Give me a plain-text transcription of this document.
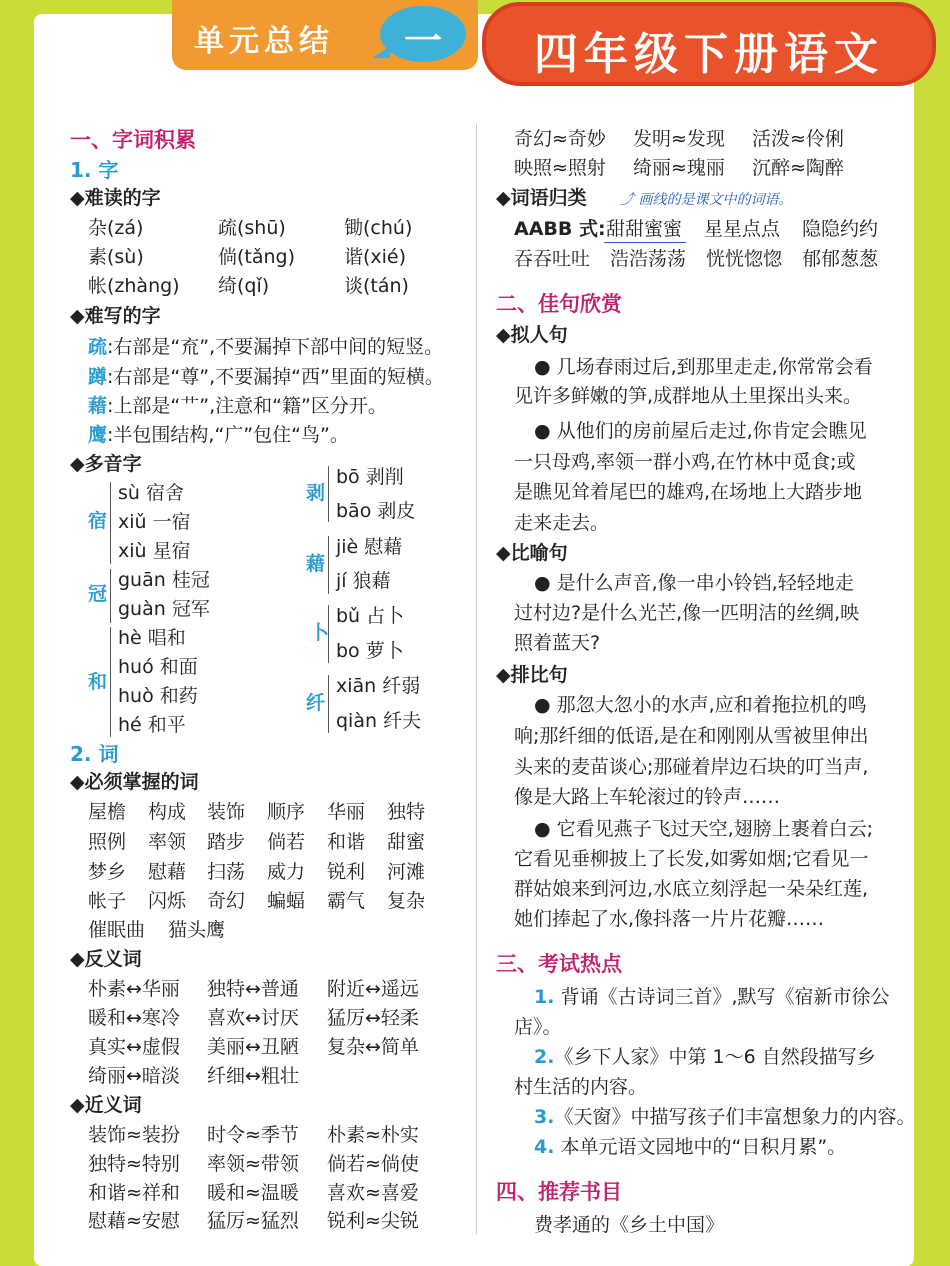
单元总结	一	四年级下册语文
一、字词积累
1. 字
◆难读的字
杂(zá)	疏(shū)	锄(chú)
素(sù)	倘(tǎng)	谐(xié)
帐(zhàng) 绮(qǐ)	谈(tán)
◆难写的字
疏:右部是“㐬”,不要漏掉下部中间的短竖。
蹲:右部是“尊”,不要漏掉“西”里面的短横。
藉:上部是“艹”,注意和“籍”区分开。
鹰:半包围结构,“广”包住“鸟”。
◆多音字
宿
sù 宿舍
xiǔ 一宿
xiù 星宿
冠
guān 桂冠
guàn 冠军
和
hè 唱和
huó 和面
huò 和药
hé 和平
剥
bō 剥削
bāo 剥皮
藉
jiè 慰藉
jí 狼藉
卜
bǔ 占卜
bo 萝卜
纤
xiān 纤弱
qiàn 纤夫
2. 词
◆必须掌握的词
屋檐 构成 装饰 顺序 华丽 独特
照例 率领 踏步 倘若 和谐 甜蜜
梦乡 慰藉 扫荡 威力 锐利 河滩
帐子 闪烁 奇幻 蝙蝠 霸气 复杂
催眠曲 猫头鹰
◆反义词
朴素↔华丽 独特↔普通 附近↔遥远
暖和↔寒冷 喜欢↔讨厌 猛厉↔轻柔
真实↔虚假 美丽↔丑陋 复杂↔简单
绮丽↔暗淡 纤细↔粗壮
◆近义词
装饰≈装扮 时令≈季节 朴素≈朴实
独特≈特别 率领≈带领 倘若≈倘使
和谐≈祥和 暖和≈温暖 喜欢≈喜爱
慰藉≈安慰 猛厉≈猛烈 锐利≈尖锐
奇幻≈奇妙 发明≈发现 活泼≈伶俐
映照≈照射 绮丽≈瑰丽 沉醉≈陶醉
◆词语归类 ⤴ 画线的是课文中的词语。
AABB 式: 甜甜蜜蜜 星星点点 隐隐约约
吞吞吐吐 浩浩荡荡 恍恍惚惚 郁郁葱葱
二、佳句欣赏
◆拟人句
● 几场春雨过后,到那里走走,你常常会看
见许多鲜嫩的笋,成群地从土里探出头来。
● 从他们的房前屋后走过,你肯定会瞧见
一只母鸡,率领一群小鸡,在竹林中觅食;或
是瞧见耸着尾巴的雄鸡,在场地上大踏步地
走来走去。
◆比喻句
● 是什么声音,像一串小铃铛,轻轻地走
过村边?是什么光芒,像一匹明洁的丝绸,映
照着蓝天?
◆排比句
● 那忽大忽小的水声,应和着拖拉机的鸣
响;那纤细的低语,是在和刚刚从雪被里伸出
头来的麦苗谈心;那碰着岸边石块的叮当声,
像是大路上车轮滚过的铃声……
● 它看见燕子飞过天空,翅膀上裹着白云;
它看见垂柳披上了长发,如雾如烟;它看见一
群姑娘来到河边,水底立刻浮起一朵朵红莲,
她们捧起了水,像抖落一片片花瓣……
三、考试热点
1. 背诵《古诗词三首》,默写《宿新市徐公
店》。
2.《乡下人家》中第 1～6 自然段描写乡
村生活的内容。
3.《天窗》中描写孩子们丰富想象力的内容。
4. 本单元语文园地中的“日积月累”。
四、推荐书目
费孝通的《乡土中国》
